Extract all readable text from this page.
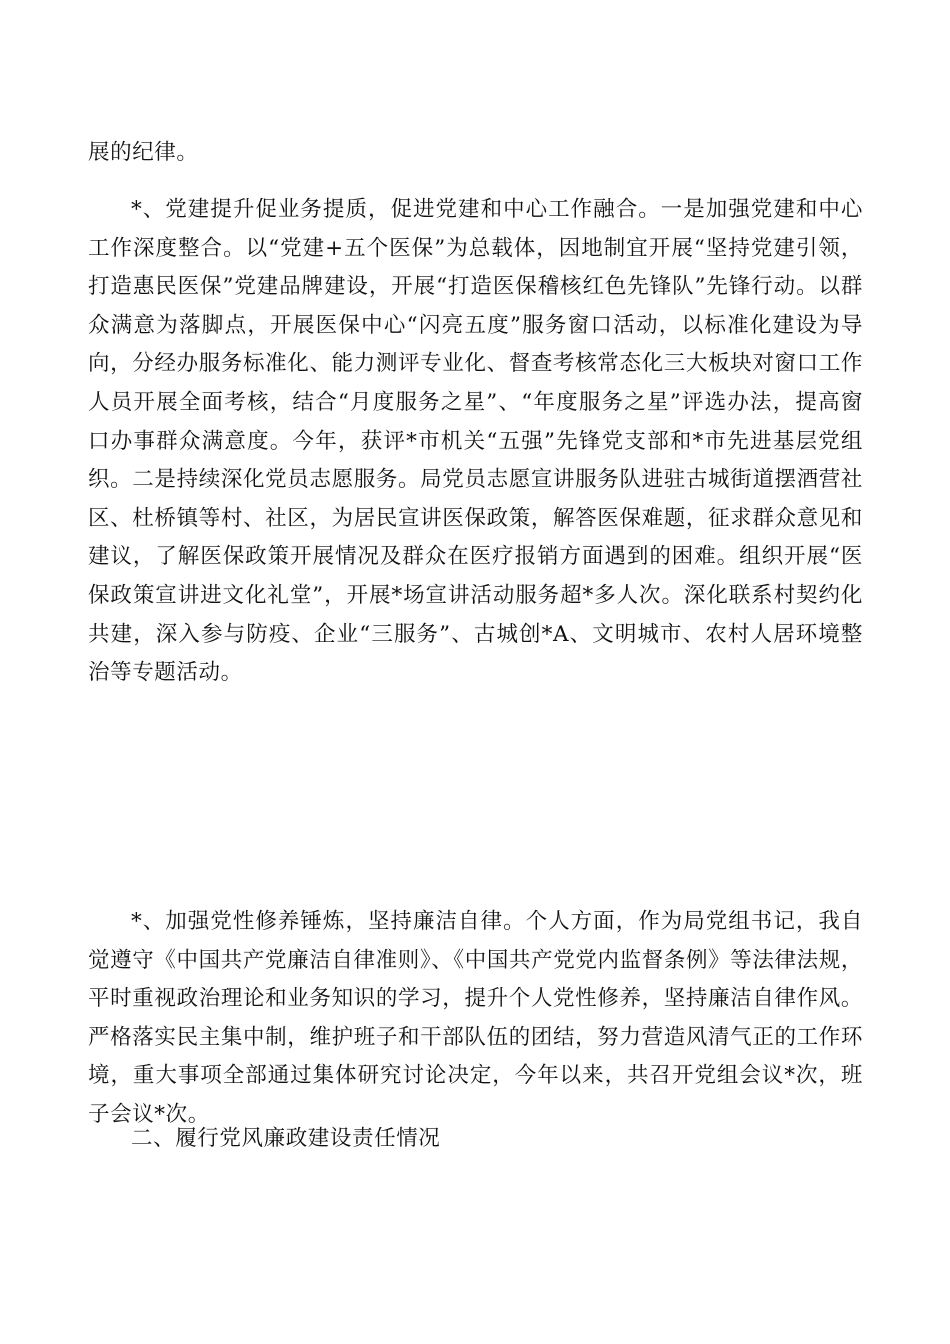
展的纪律。
*、党建提升促业务提质，促进党建和中心工作融合。一是加强党建和中心工作深度整合。以“党建+五个医保”为总载体，因地制宜开展“坚持党建引领，打造惠民医保”党建品牌建设，开展“打造医保稽核红色先锋队”先锋行动。以群众满意为落脚点，开展医保中心“闪亮五度”服务窗口活动，以标准化建设为导向，分经办服务标准化、能力测评专业化、督查考核常态化三大板块对窗口工作人员开展全面考核，结合“月度服务之星”、“年度服务之星”评选办法，提高窗口办事群众满意度。今年，获评*市机关“五强”先锋党支部和*市先进基层党组织。二是持续深化党员志愿服务。局党员志愿宣讲服务队进驻古城街道摆酒营社区、杜桥镇等村、社区，为居民宣讲医保政策，解答医保难题，征求群众意见和建议，了解医保政策开展情况及群众在医疗报销方面遇到的困难。组织开展“医保政策宣讲进文化礼堂”，开展*场宣讲活动服务超*多人次。深化联系村契约化共建，深入参与防疫、企业“三服务”、古城创*A、文明城市、农村人居环境整治等专题活动。
*、加强党性修养锤炼，坚持廉洁自律。个人方面，作为局党组书记，我自觉遵守《中国共产党廉洁自律准则》、《中国共产党党内监督条例》等法律法规，平时重视政治理论和业务知识的学习，提升个人党性修养，坚持廉洁自律作风。严格落实民主集中制，维护班子和干部队伍的团结，努力营造风清气正的工作环境，重大事项全部通过集体研究讨论决定，今年以来，共召开党组会议*次，班子会议*次。
二、履行党风廉政建设责任情况
